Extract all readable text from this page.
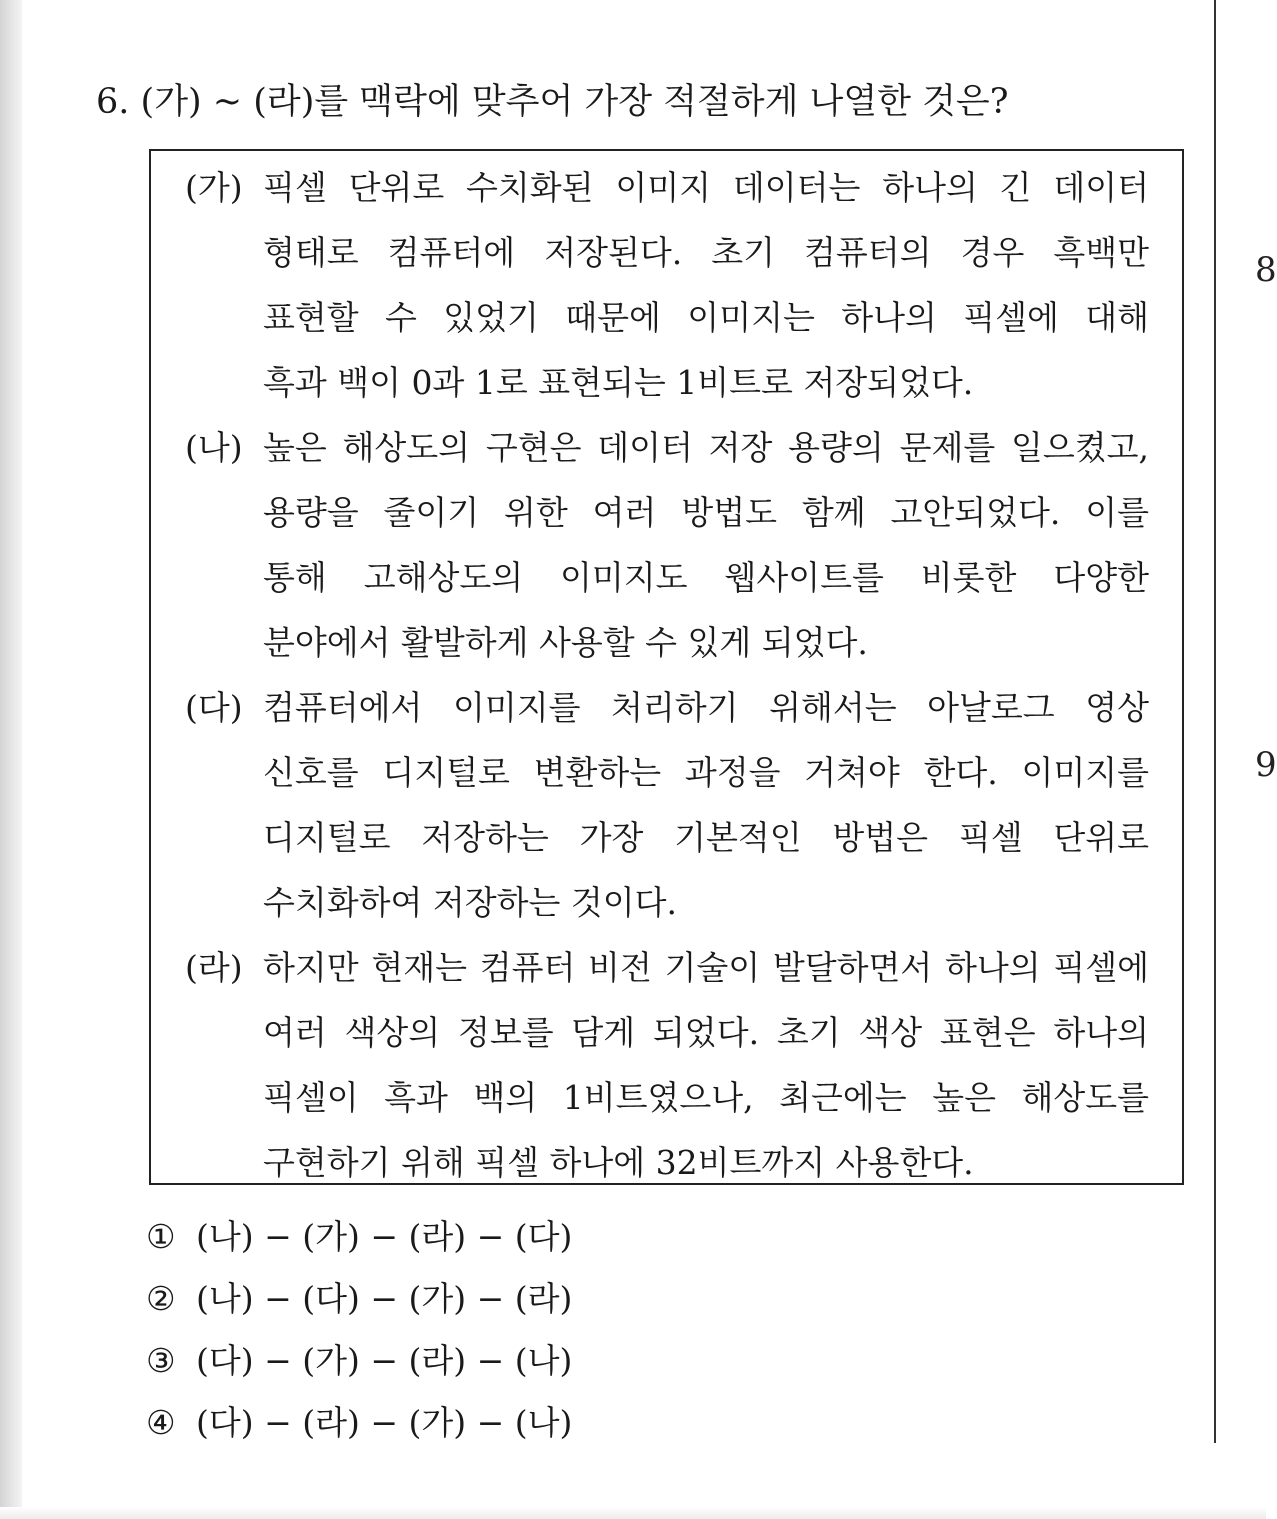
8
9
6. (가) ~ (라)를 맥락에 맞추어 가장 적절하게 나열한 것은?
(가) 픽셀 단위로 수치화된 이미지 데이터는 하나의 긴 데이터
형태로 컴퓨터에 저장된다. 초기 컴퓨터의 경우 흑백만
표현할 수 있었기 때문에 이미지는 하나의 픽셀에 대해
흑과 백이 0과 1로 표현되는 1비트로 저장되었다.
(나) 높은 해상도의 구현은 데이터 저장 용량의 문제를 일으켰고,
용량을 줄이기 위한 여러 방법도 함께 고안되었다. 이를
통해 고해상도의 이미지도 웹사이트를 비롯한 다양한
분야에서 활발하게 사용할 수 있게 되었다.
(다) 컴퓨터에서 이미지를 처리하기 위해서는 아날로그 영상
신호를 디지털로 변환하는 과정을 거쳐야 한다. 이미지를
디지털로 저장하는 가장 기본적인 방법은 픽셀 단위로
수치화하여 저장하는 것이다.
(라) 하지만 현재는 컴퓨터 비전 기술이 발달하면서 하나의 픽셀에
여러 색상의 정보를 담게 되었다. 초기 색상 표현은 하나의
픽셀이 흑과 백의 1비트였으나, 최근에는 높은 해상도를
구현하기 위해 픽셀 하나에 32비트까지 사용한다.
① (나) − (가) − (라) − (다)
② (나) − (다) − (가) − (라)
③ (다) − (가) − (라) − (나)
④ (다) − (라) − (가) − (나)
